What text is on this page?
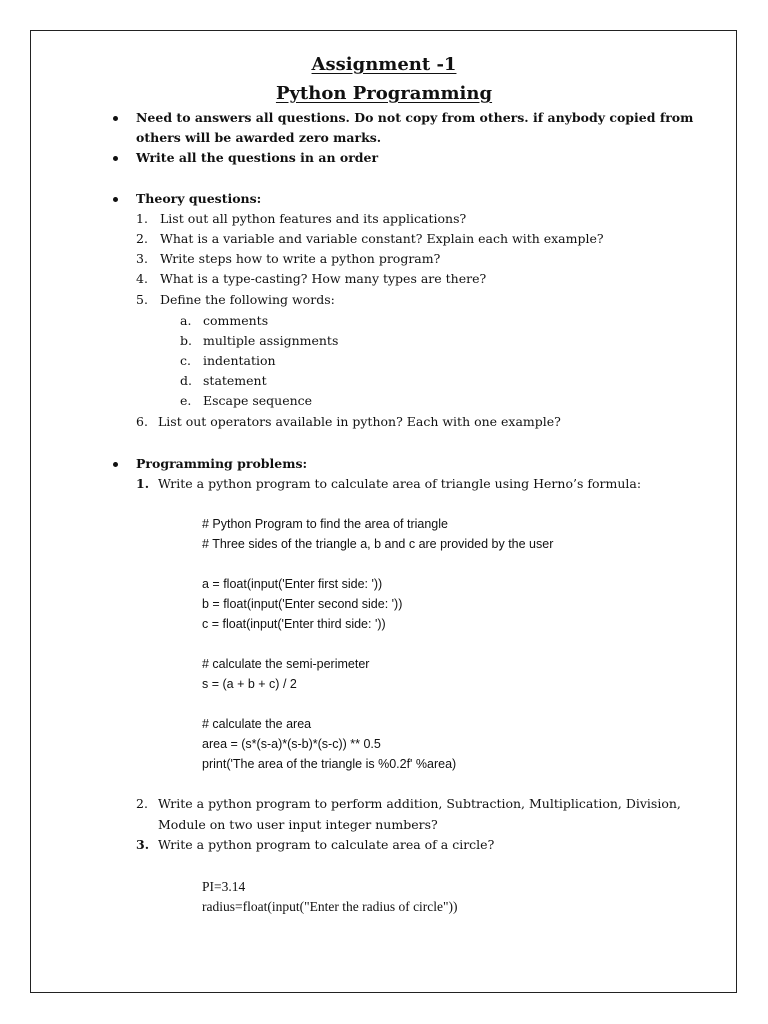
Assignment -1
Python Programming
Need to answers all questions. Do not copy from others. if anybody copied from
others will be awarded zero marks.
Write all the questions in an order
Theory questions:
1. List out all python features and its applications?
2. What is a variable and variable constant? Explain each with example?
3. Write steps how to write a python program?
4. What is a type-casting? How many types are there?
5. Define the following words:
a. comments
b. multiple assignments
c. indentation
d. statement
e. Escape sequence
6. List out operators available in python? Each with one example?
Programming problems:
1. Write a python program to calculate area of triangle using Herno’s formula:
# Python Program to find the area of triangle
# Three sides of the triangle a, b and c are provided by the user
a = float(input('Enter first side: '))
b = float(input('Enter second side: '))
c = float(input('Enter third side: '))
# calculate the semi-perimeter
s = (a + b + c) / 2
# calculate the area
area = (s*(s-a)*(s-b)*(s-c)) ** 0.5
print('The area of the triangle is %0.2f' %area)
2. Write a python program to perform addition, Subtraction, Multiplication, Division,
Module on two user input integer numbers?
3. Write a python program to calculate area of a circle?
PI=3.14
radius=float(input("Enter the radius of circle"))
